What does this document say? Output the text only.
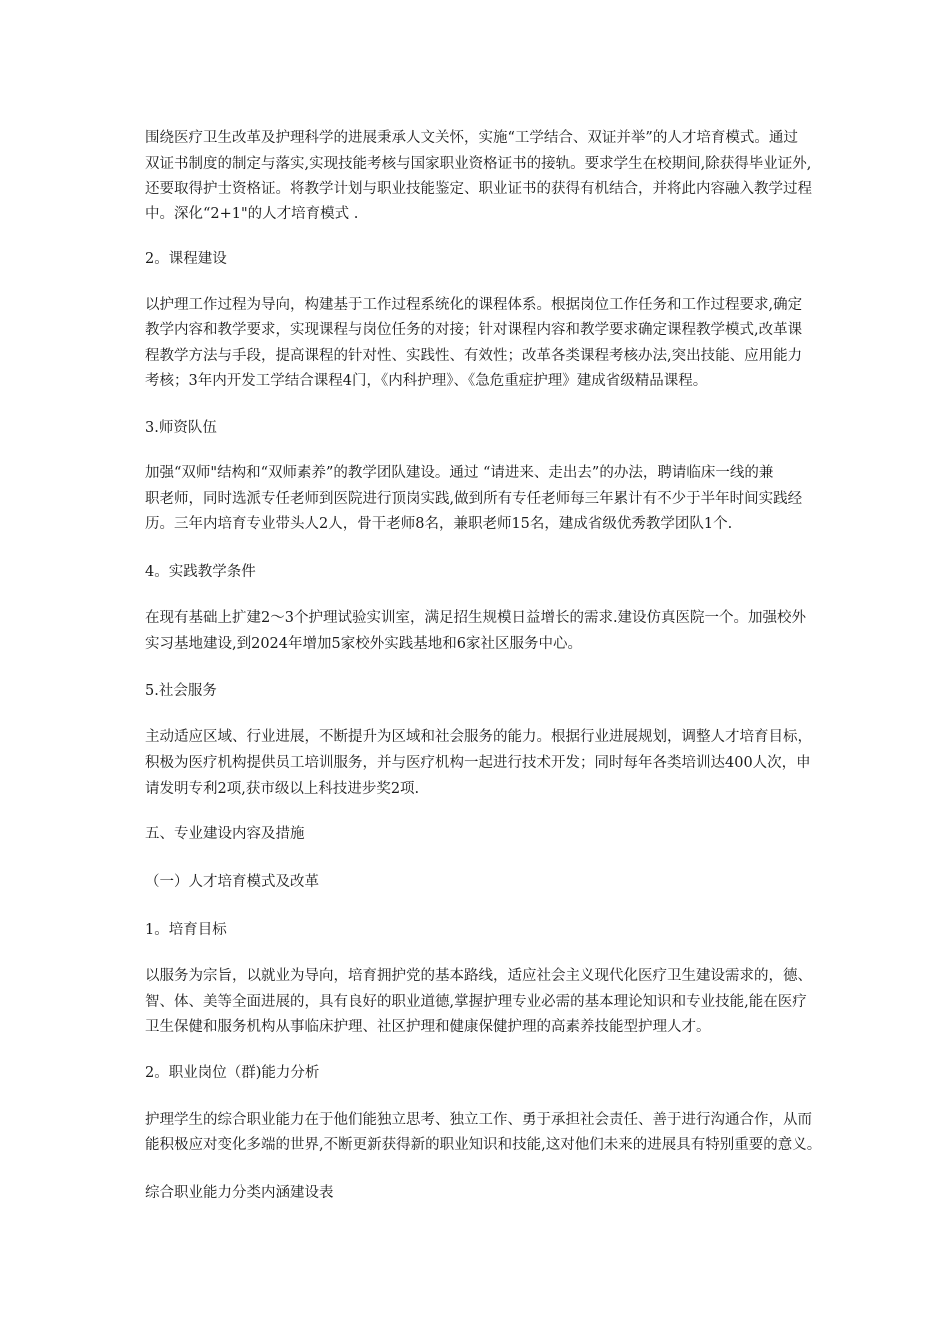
围绕医疗卫生改革及护理科学的进展秉承人文关怀，实施“工学结合、双证并举”的人才培育模式。通过
双证书制度的制定与落实,实现技能考核与国家职业资格证书的接轨。要求学生在校期间,除获得毕业证外,
还要取得护士资格证。将教学计划与职业技能鉴定、职业证书的获得有机结合，并将此内容融入教学过程
中。深化“2+1"的人才培育模式 .
2。课程建设
以护理工作过程为导向，构建基于工作过程系统化的课程体系。根据岗位工作任务和工作过程要求,确定
教学内容和教学要求，实现课程与岗位任务的对接；针对课程内容和教学要求确定课程教学模式,改革课
程教学方法与手段，提高课程的针对性、实践性、有效性；改革各类课程考核办法,突出技能、应用能力
考核；3年内开发工学结合课程4门，《内科护理》、《急危重症护理》建成省级精品课程。
3.师资队伍
加强“双师"结构和“双师素养”的教学团队建设。通过 “请进来、走出去”的办法，聘请临床一线的兼
职老师，同时选派专任老师到医院进行顶岗实践,做到所有专任老师每三年累计有不少于半年时间实践经
历。三年内培育专业带头人2人，骨干老师8名，兼职老师15名，建成省级优秀教学团队1个.
4。实践教学条件
在现有基础上扩建2～3个护理试验实训室，满足招生规模日益增长的需求.建设仿真医院一个。加强校外
实习基地建设,到2024年增加5家校外实践基地和6家社区服务中心。
5.社会服务
主动适应区域、行业进展，不断提升为区域和社会服务的能力。根据行业进展规划，调整人才培育目标，
积极为医疗机构提供员工培训服务，并与医疗机构一起进行技术开发；同时每年各类培训达400人次，申
请发明专利2项,获市级以上科技进步奖2项.
五、专业建设内容及措施
（一）人才培育模式及改革
1。培育目标
以服务为宗旨，以就业为导向，培育拥护党的基本路线，适应社会主义现代化医疗卫生建设需求的，德、
智、体、美等全面进展的，具有良好的职业道德,掌握护理专业必需的基本理论知识和专业技能,能在医疗
卫生保健和服务机构从事临床护理、社区护理和健康保健护理的高素养技能型护理人才。
2。职业岗位（群)能力分析
护理学生的综合职业能力在于他们能独立思考、独立工作、勇于承担社会责任、善于进行沟通合作，从而
能积极应对变化多端的世界,不断更新获得新的职业知识和技能,这对他们未来的进展具有特别重要的意义。
综合职业能力分类内涵建设表
